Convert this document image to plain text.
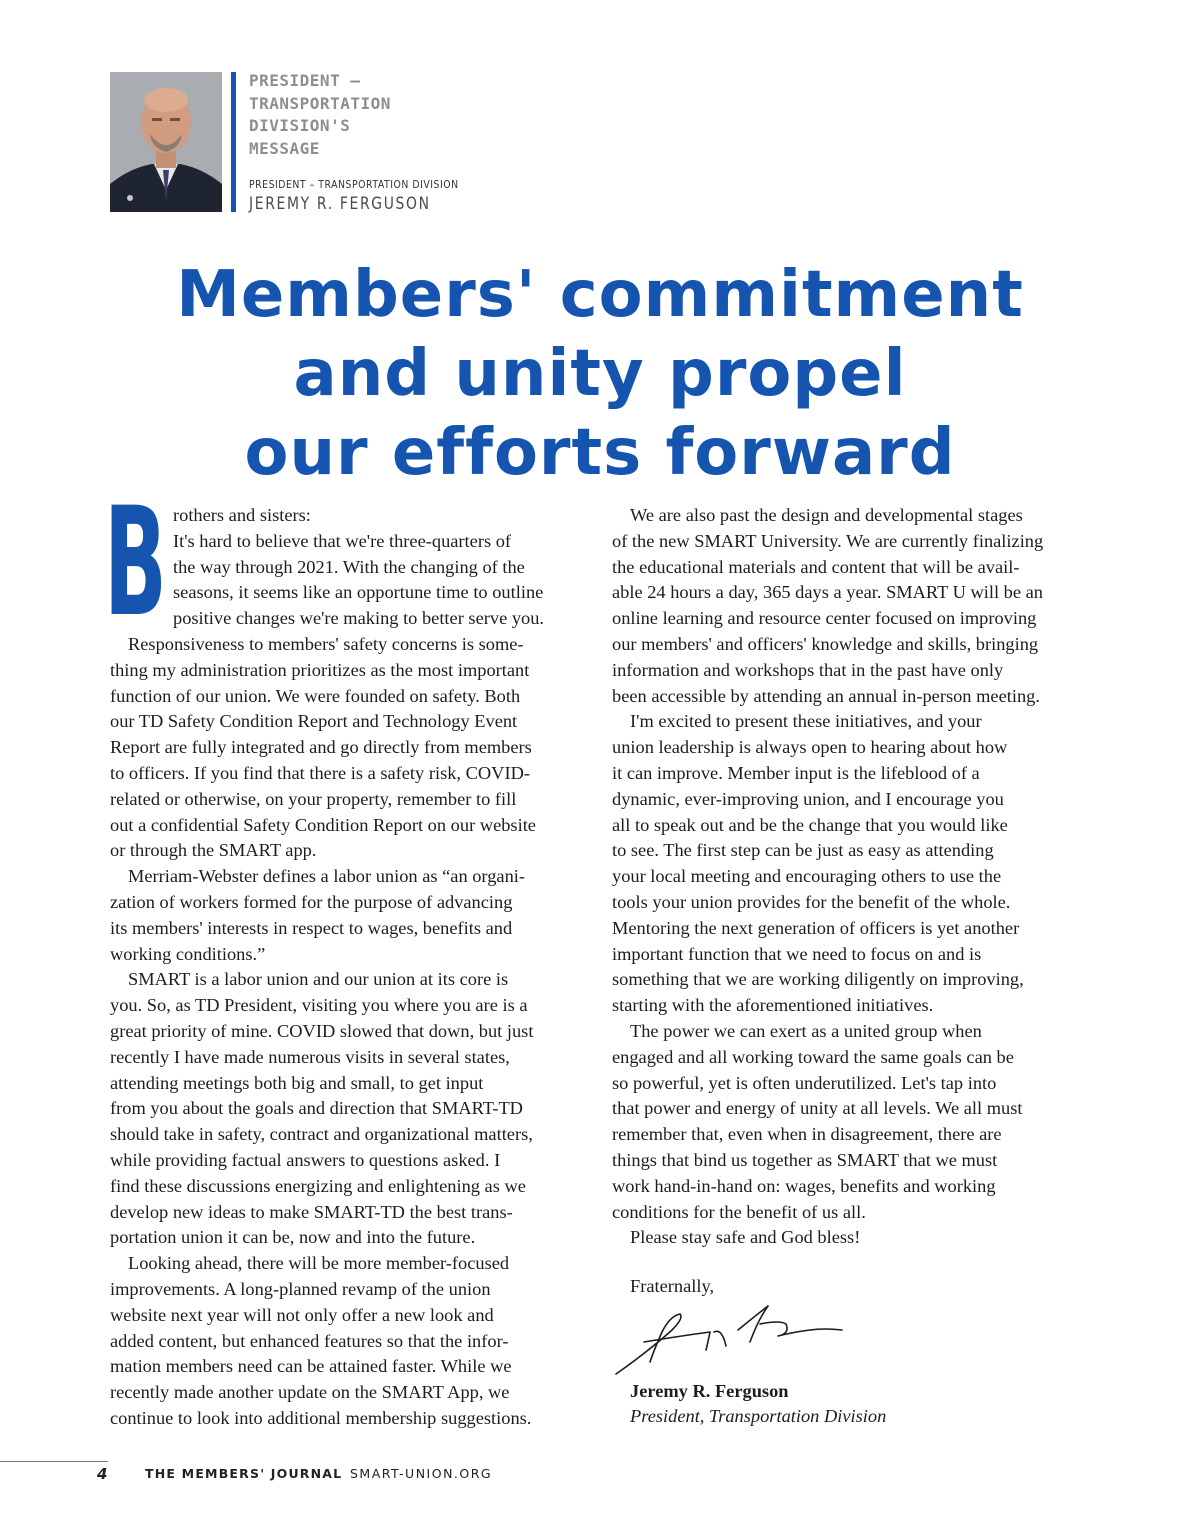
PRESIDENT –
TRANSPORTATION
DIVISION'S
MESSAGE
PRESIDENT – TRANSPORTATION DIVISION
JEREMY R. FERGUSON
Members' commitment
and unity propel
our efforts forward
B rothers and sisters:
It's hard to believe that we're three-quarters of
the way through 2021. With the changing of the
seasons, it seems like an opportune time to outline
positive changes we're making to better serve you.
Responsiveness to members' safety concerns is some-
thing my administration prioritizes as the most important
function of our union. We were founded on safety. Both
our TD Safety Condition Report and Technology Event
Report are fully integrated and go directly from members
to officers. If you find that there is a safety risk, COVID-
related or otherwise, on your property, remember to fill
out a confidential Safety Condition Report on our website
or through the SMART app.
Merriam-Webster defines a labor union as “an organi-
zation of workers formed for the purpose of advancing
its members' interests in respect to wages, benefits and
working conditions.”
SMART is a labor union and our union at its core is
you. So, as TD President, visiting you where you are is a
great priority of mine. COVID slowed that down, but just
recently I have made numerous visits in several states,
attending meetings both big and small, to get input
from you about the goals and direction that SMART-TD
should take in safety, contract and organizational matters,
while providing factual answers to questions asked. I
find these discussions energizing and enlightening as we
develop new ideas to make SMART-TD the best trans-
portation union it can be, now and into the future.
Looking ahead, there will be more member-focused
improvements. A long-planned revamp of the union
website next year will not only offer a new look and
added content, but enhanced features so that the infor-
mation members need can be attained faster. While we
recently made another update on the SMART App, we
continue to look into additional membership suggestions.
We are also past the design and developmental stages
of the new SMART University. We are currently finalizing
the educational materials and content that will be avail-
able 24 hours a day, 365 days a year. SMART U will be an
online learning and resource center focused on improving
our members' and officers' knowledge and skills, bringing
information and workshops that in the past have only
been accessible by attending an annual in-person meeting.
I'm excited to present these initiatives, and your
union leadership is always open to hearing about how
it can improve. Member input is the lifeblood of a
dynamic, ever-improving union, and I encourage you
all to speak out and be the change that you would like
to see. The first step can be just as easy as attending
your local meeting and encouraging others to use the
tools your union provides for the benefit of the whole.
Mentoring the next generation of officers is yet another
important function that we need to focus on and is
something that we are working diligently on improving,
starting with the aforementioned initiatives.
The power we can exert as a united group when
engaged and all working toward the same goals can be
so powerful, yet is often underutilized. Let's tap into
that power and energy of unity at all levels. We all must
remember that, even when in disagreement, there are
things that bind us together as SMART that we must
work hand-in-hand on: wages, benefits and working
conditions for the benefit of us all.
Please stay safe and God bless!
Fraternally,
Jeremy R. Ferguson
President, Transportation Division
4	THE MEMBERS' JOURNAL SMART-UNION.ORG
